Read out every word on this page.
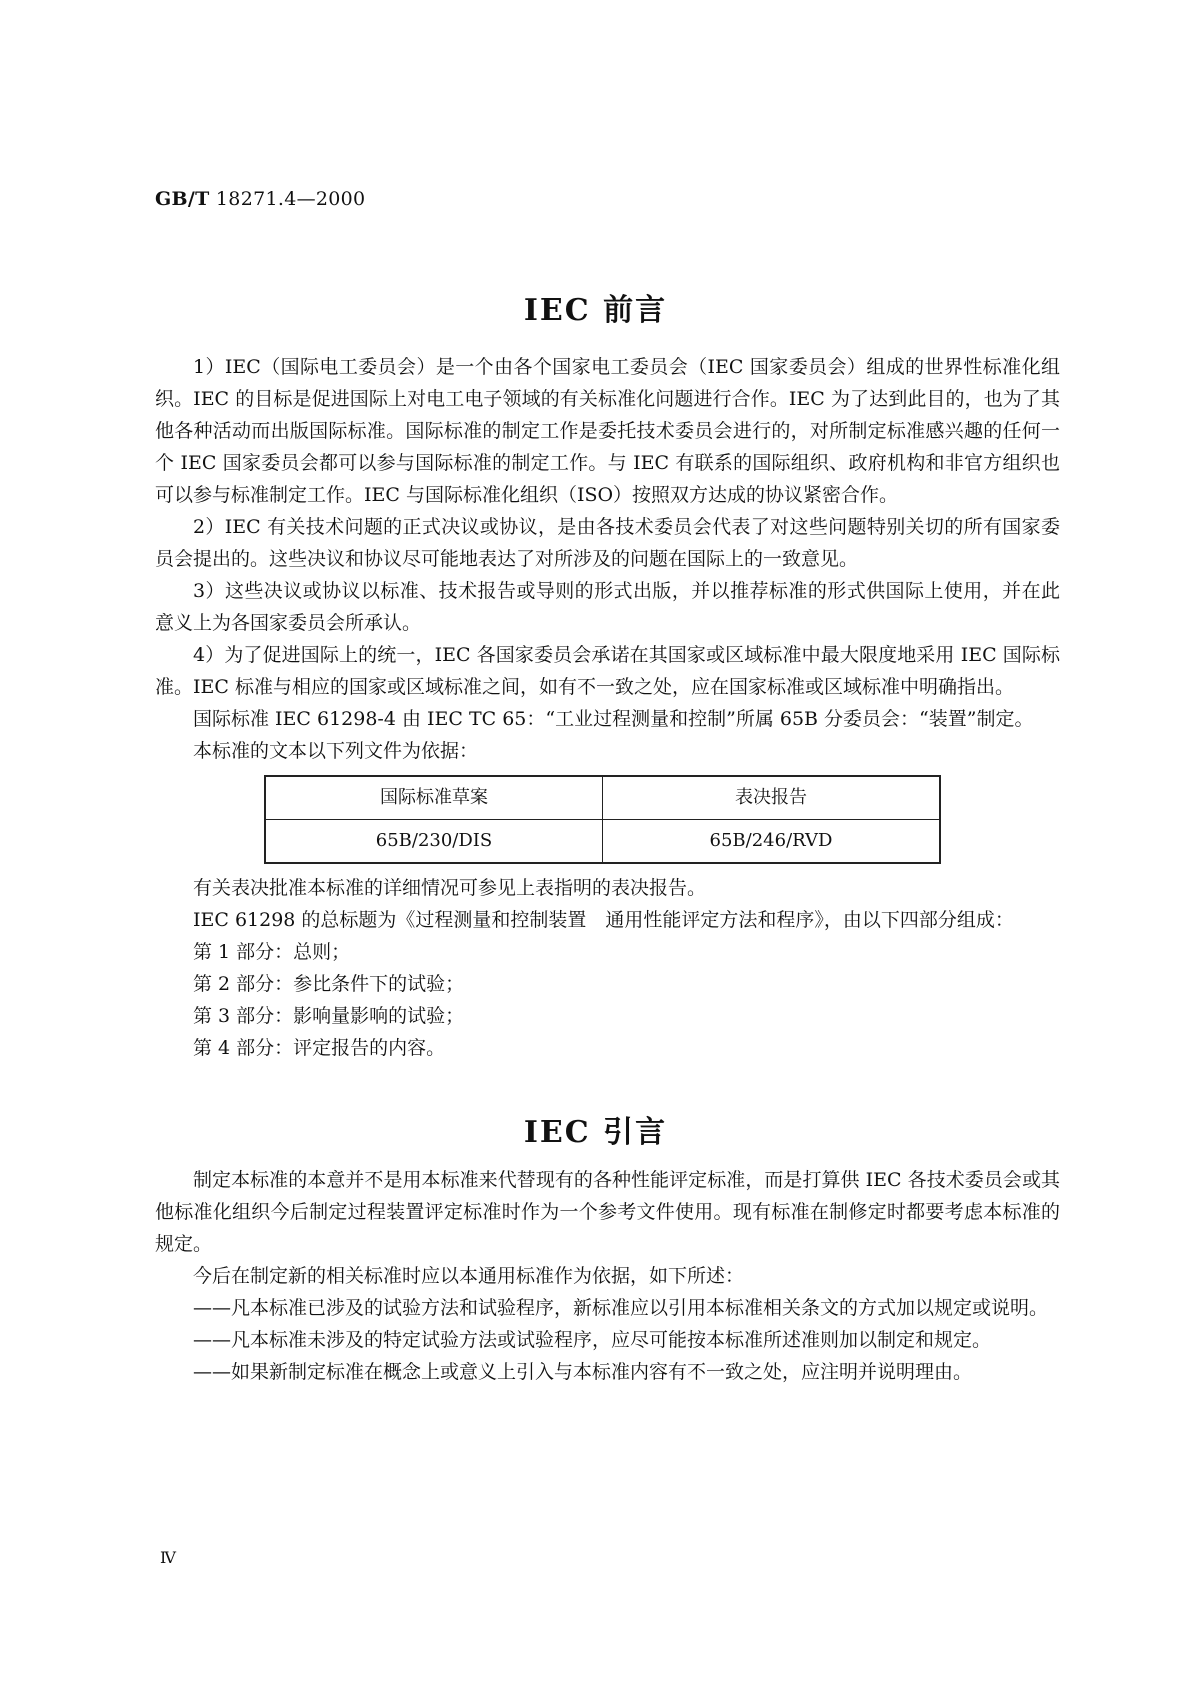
GB/T 18271.4—2000
IEC 前言

1）IEC（国际电工委员会）是一个由各个国家电工委员会（IEC 国家委员会）组成的世界性标准化组织。IEC 的目标是促进国际上对电工电子领域的有关标准化问题进行合作。IEC 为了达到此目的，也为了其他各种活动而出版国际标准。国际标准的制定工作是委托技术委员会进行的，对所制定标准感兴趣的任何一个 IEC 国家委员会都可以参与国际标准的制定工作。与 IEC 有联系的国际组织、政府机构和非官方组织也可以参与标准制定工作。IEC 与国际标准化组织（ISO）按照双方达成的协议紧密合作。

2）IEC 有关技术问题的正式决议或协议，是由各技术委员会代表了对这些问题特别关切的所有国家委员会提出的。这些决议和协议尽可能地表达了对所涉及的问题在国际上的一致意见。

3）这些决议或协议以标准、技术报告或导则的形式出版，并以推荐标准的形式供国际上使用，并在此意义上为各国家委员会所承认。

4）为了促进国际上的统一，IEC 各国家委员会承诺在其国家或区域标准中最大限度地采用 IEC 国际标准。IEC 标准与相应的国家或区域标准之间，如有不一致之处，应在国家标准或区域标准中明确指出。

国际标准 IEC 61298-4 由 IEC TC 65：“工业过程测量和控制”所属 65B 分委员会：“装置”制定。

本标准的文本以下列文件为依据：

国际标准草案	表决报告
65B/230/DIS	65B/246/RVD

有关表决批准本标准的详细情况可参见上表指明的表决报告。

IEC 61298 的总标题为《过程测量和控制装置　通用性能评定方法和程序》，由以下四部分组成：

第 1 部分：总则；

第 2 部分：参比条件下的试验；

第 3 部分：影响量影响的试验；

第 4 部分：评定报告的内容。

IEC 引言

制定本标准的本意并不是用本标准来代替现有的各种性能评定标准，而是打算供 IEC 各技术委员会或其他标准化组织今后制定过程装置评定标准时作为一个参考文件使用。现有标准在制修定时都要考虑本标准的规定。

今后在制定新的相关标准时应以本通用标准作为依据，如下所述：

——凡本标准已涉及的试验方法和试验程序，新标准应以引用本标准相关条文的方式加以规定或说明。

——凡本标准未涉及的特定试验方法或试验程序，应尽可能按本标准所述准则加以制定和规定。

——如果新制定标准在概念上或意义上引入与本标准内容有不一致之处，应注明并说明理由。

Ⅳ
